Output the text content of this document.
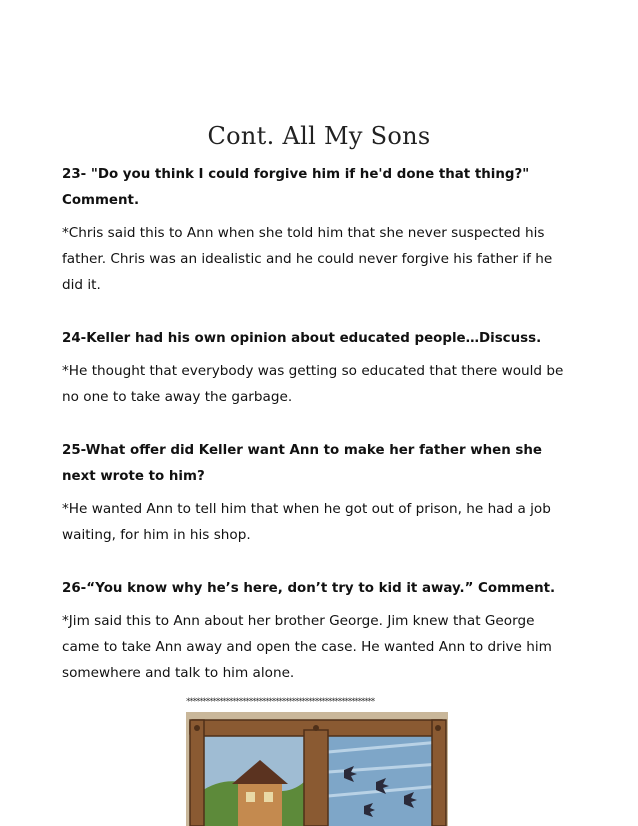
Cont. All My Sons

23- "Do you think I could forgive him if he'd done that thing?"
Comment.

*Chris said this to Ann when she told him that she never suspected his
father. Chris was an idealistic and he could never forgive his father if he
did it.

24-Keller had his own opinion about educated people…Discuss.

*He thought that everybody was getting so educated that there would be
no one to take away the garbage.

25-What offer did Keller want Ann to make her father when she
next wrote to him?

*He wanted Ann to tell him that when he got out of prison, he had a job
waiting, for him in his shop.

26-“You know why he’s here, don’t try to kid it away.” Comment.

*Jim said this to Ann about her brother George. Jim knew that George
came to take Ann away and open the case. He wanted Ann to drive him
somewhere and talk to him alone.

*********************************************************
